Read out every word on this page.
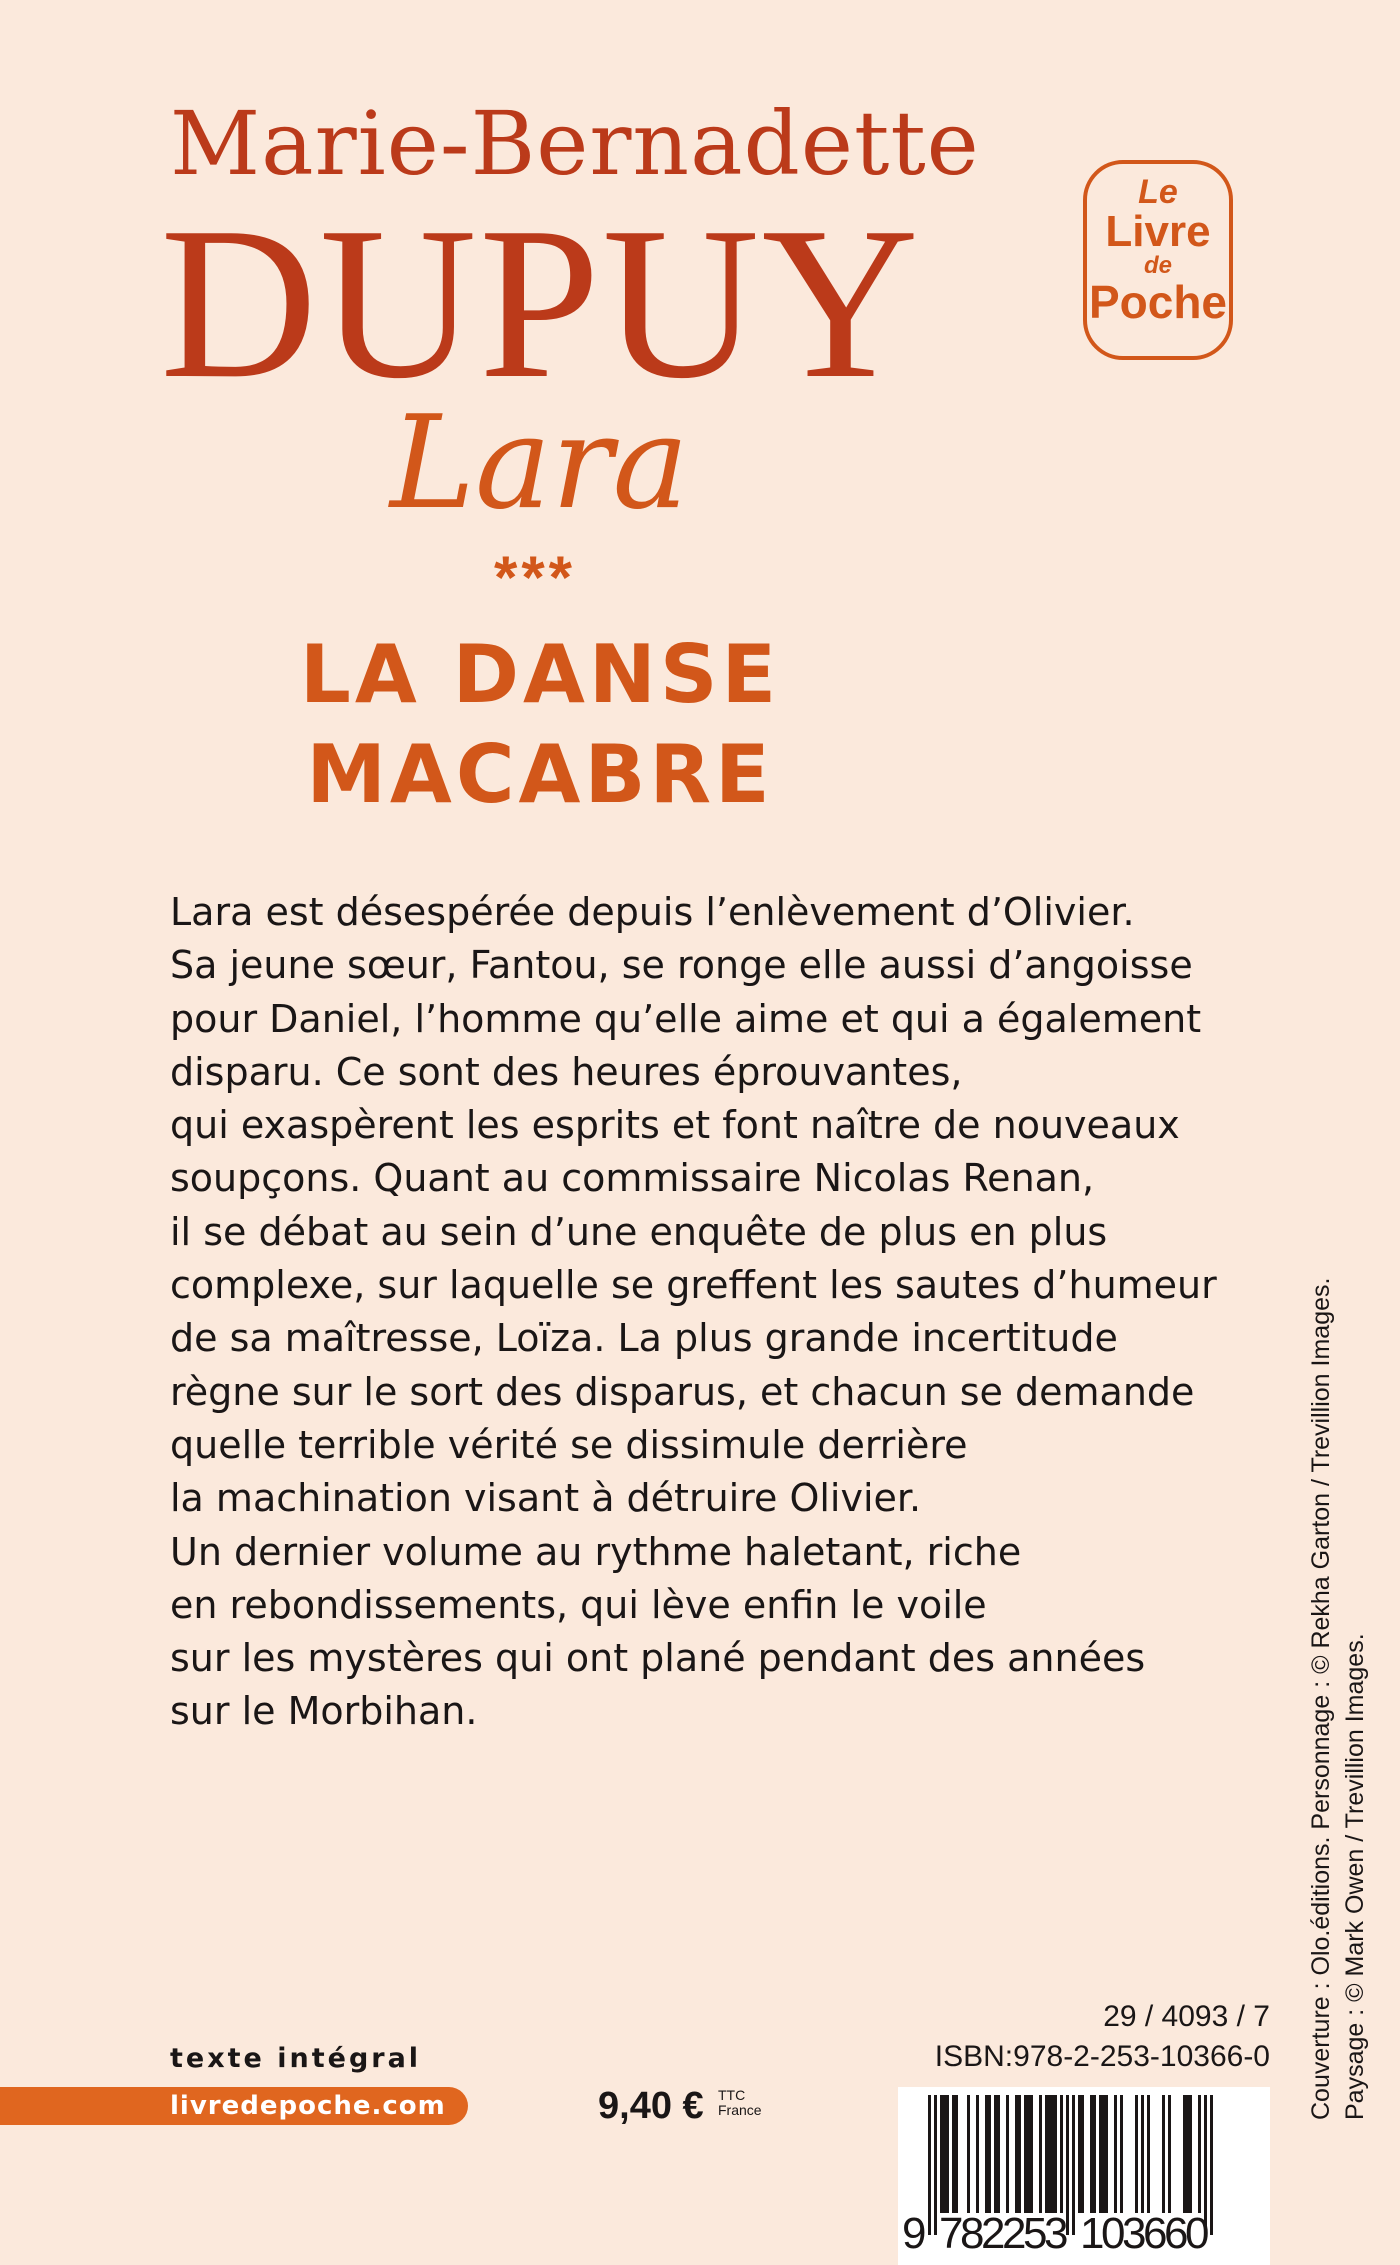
Marie-Bernadette
DUPUY	Le
Livre
de
Poche
Lara
***
LA DANSE
MACABRE
Lara est désespérée depuis l’enlèvement d’Olivier.
Sa jeune sœur, Fantou, se ronge elle aussi d’angoisse
pour Daniel, l’homme qu’elle aime et qui a également
disparu. Ce sont des heures éprouvantes,
qui exaspèrent les esprits et font naître de nouveaux
soupçons. Quant au commissaire Nicolas Renan,
il se débat au sein d’une enquête de plus en plus
complexe, sur laquelle se greffent les sautes d’humeur
de sa maîtresse, Loïza. La plus grande incertitude
règne sur le sort des disparus, et chacun se demande
quelle terrible vérité se dissimule derrière
la machination visant à détruire Olivier.
Un dernier volume au rythme haletant, riche
en rebondissements, qui lève enfin le voile
sur les mystères qui ont plané pendant des années
sur le Morbihan.	Couverture : Olo.éditions. Personnage : © Rekha Garton / Trevillion Images. Paysage : © Mark Owen / Trevillion Images.
texte intégral
livredepoche.com	9,40 €	TTC
France
29 / 4093 / 7
ISBN:978-2-253-10366-0
9 7
8
2
2
5
3 1
0
3
6
6
0
